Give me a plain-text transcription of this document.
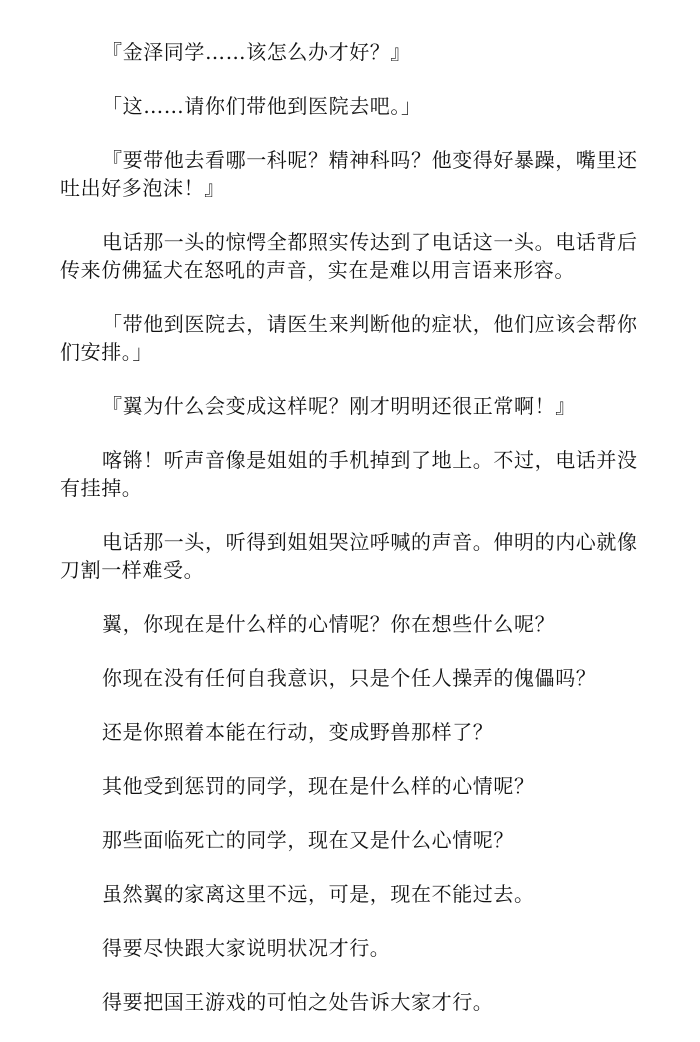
『金泽同学……该怎么办才好？』

「这……请你们带他到医院去吧。」

『要带他去看哪一科呢？精神科吗？他变得好暴躁，嘴里还吐出好多泡沫！』

电话那一头的惊愕全都照实传达到了电话这一头。电话背后传来仿佛猛犬在怒吼的声音，实在是难以用言语来形容。

「带他到医院去，请医生来判断他的症状，他们应该会帮你们安排。」

『翼为什么会变成这样呢？刚才明明还很正常啊！』

喀锵！听声音像是姐姐的手机掉到了地上。不过，电话并没有挂掉。

电话那一头，听得到姐姐哭泣呼喊的声音。伸明的内心就像刀割一样难受。

翼，你现在是什么样的心情呢？你在想些什么呢？

你现在没有任何自我意识，只是个任人操弄的傀儡吗？

还是你照着本能在行动，变成野兽那样了？

其他受到惩罚的同学，现在是什么样的心情呢？

那些面临死亡的同学，现在又是什么心情呢？

虽然翼的家离这里不远，可是，现在不能过去。

得要尽快跟大家说明状况才行。

得要把国王游戏的可怕之处告诉大家才行。
